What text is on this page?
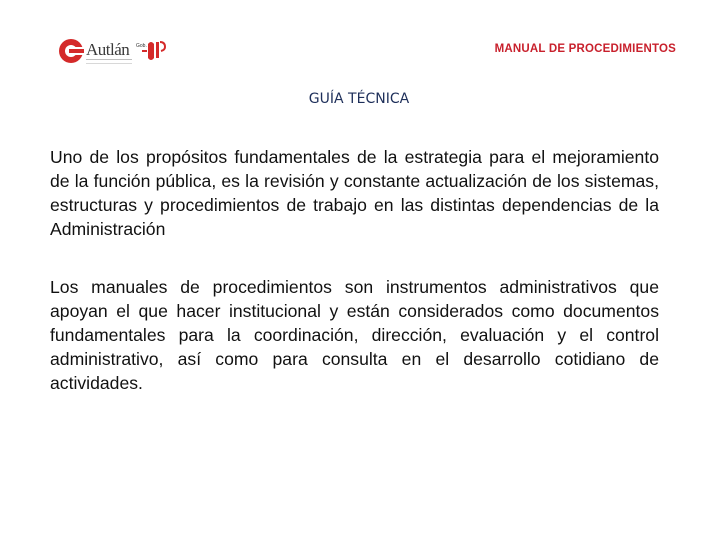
Autlán Gob.	MANUAL DE PROCEDIMIENTOS
GUÍA TÉCNICA

Uno de los propósitos fundamentales de la estrategia para el mejoramiento de la función pública, es la revisión y constante actualización de los sistemas, estructuras y procedimientos de trabajo en las distintas dependencias de la Administración

Los manuales de procedimientos son instrumentos administrativos que apoyan el que hacer institucional y están considerados como documentos fundamentales para la coordinación, dirección, evaluación y el control administrativo, así como para consulta en el desarrollo cotidiano de actividades.
